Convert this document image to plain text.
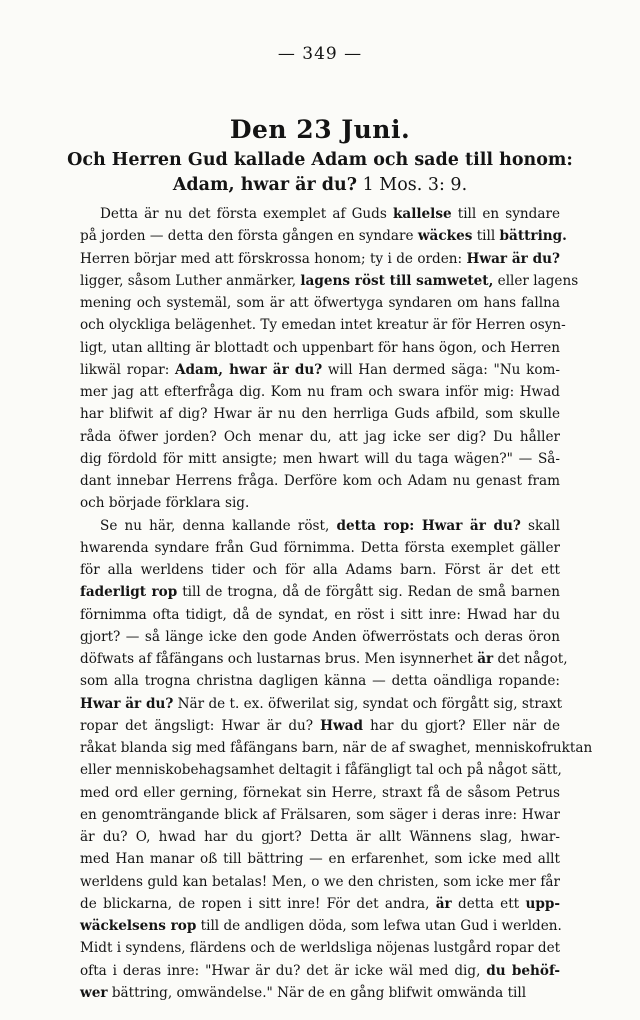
— 349 —
Den 23 Juni.
Och Herren Gud kallade Adam och sade till honom:
Adam, hwar är du? 1 Mos. 3: 9.
Detta är nu det första exemplet af Guds kallelse till en syndare
på jorden — detta den första gången en syndare wäckes till bättring.
Herren börjar med att förskrossa honom; ty i de orden: Hwar är du?
ligger, såsom Luther anmärker, lagens röst till samwetet, eller lagens
mening och systemäl, som är att öfwertyga syndaren om hans fallna
och olyckliga belägenhet. Ty emedan intet kreatur är för Herren osyn-
ligt, utan allting är blottadt och uppenbart för hans ögon, och Herren
likwäl ropar: Adam, hwar är du? will Han dermed säga: "Nu kom-
mer jag att efterfråga dig. Kom nu fram och swara inför mig: Hwad
har blifwit af dig? Hwar är nu den herrliga Guds afbild, som skulle
råda öfwer jorden? Och menar du, att jag icke ser dig? Du håller
dig fördold för mitt ansigte; men hwart will du taga wägen?" — Så-
dant innebar Herrens fråga. Derföre kom och Adam nu genast fram
och började förklara sig.
Se nu här, denna kallande röst, detta rop: Hwar är du? skall
hwarenda syndare från Gud förnimma. Detta första exemplet gäller
för alla werldens tider och för alla Adams barn. Först är det ett
faderligt rop till de trogna, då de förgått sig. Redan de små barnen
förnimma ofta tidigt, då de syndat, en röst i sitt inre: Hwad har du
gjort? — så länge icke den gode Anden öfwerröstats och deras öron
döfwats af fåfängans och lustarnas brus. Men isynnerhet är det något,
som alla trogna christna dagligen känna — detta oändliga ropande:
Hwar är du? När de t. ex. öfwerilat sig, syndat och förgått sig, straxt
ropar det ängsligt: Hwar är du? Hwad har du gjort? Eller när de
råkat blanda sig med fåfängans barn, när de af swaghet, menniskofruktan
eller menniskobehagsamhet deltagit i fåfängligt tal och på något sätt,
med ord eller gerning, förnekat sin Herre, straxt få de såsom Petrus
en genomträngande blick af Frälsaren, som säger i deras inre: Hwar
är du? O, hwad har du gjort? Detta är allt Wännens slag, hwar-
med Han manar oß till bättring — en erfarenhet, som icke med allt
werldens guld kan betalas! Men, o we den christen, som icke mer får
de blickarna, de ropen i sitt inre! För det andra, är detta ett upp-
wäckelsens rop till de andligen döda, som lefwa utan Gud i werlden.
Midt i syndens, flärdens och de werldsliga nöjenas lustgård ropar det
ofta i deras inre: "Hwar är du? det är icke wäl med dig, du behöf-
wer bättring, omwändelse." När de en gång blifwit omwända till
